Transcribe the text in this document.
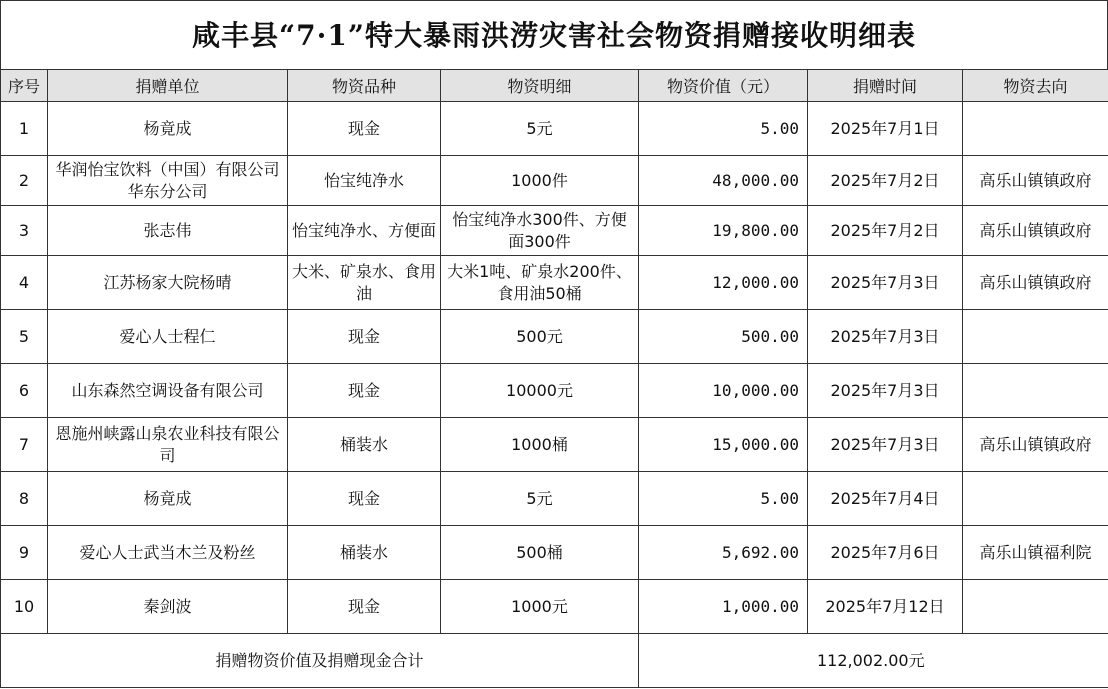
咸丰县“7·1”特大暴雨洪涝灾害社会物资捐赠接收明细表
序号	捐赠单位	物资品种	物资明细	物资价值（元）	捐赠时间	物资去向
1	杨竟成	现金	5元	5.00	2025年7月1日	
2	华润怡宝饮料（中国）有限公司华东分公司	怡宝纯净水	1000件	48,000.00	2025年7月2日	高乐山镇镇政府
3	张志伟	怡宝纯净水、方便面	怡宝纯净水300件、方便面300件	19,800.00	2025年7月2日	高乐山镇镇政府
4	江苏杨家大院杨晴	大米、矿泉水、食用油	大米1吨、矿泉水200件、食用油50桶	12,000.00	2025年7月3日	高乐山镇镇政府
5	爱心人士程仁	现金	500元	500.00	2025年7月3日	
6	山东森然空调设备有限公司	现金	10000元	10,000.00	2025年7月3日	
7	恩施州峡露山泉农业科技有限公司	桶装水	1000桶	15,000.00	2025年7月3日	高乐山镇镇政府
8	杨竟成	现金	5元	5.00	2025年7月4日	
9	爱心人士武当木兰及粉丝	桶装水	500桶	5,692.00	2025年7月6日	高乐山镇福利院
10	秦剑波	现金	1000元	1,000.00	2025年7月12日	
捐赠物资价值及捐赠现金合计				112,002.00元		
